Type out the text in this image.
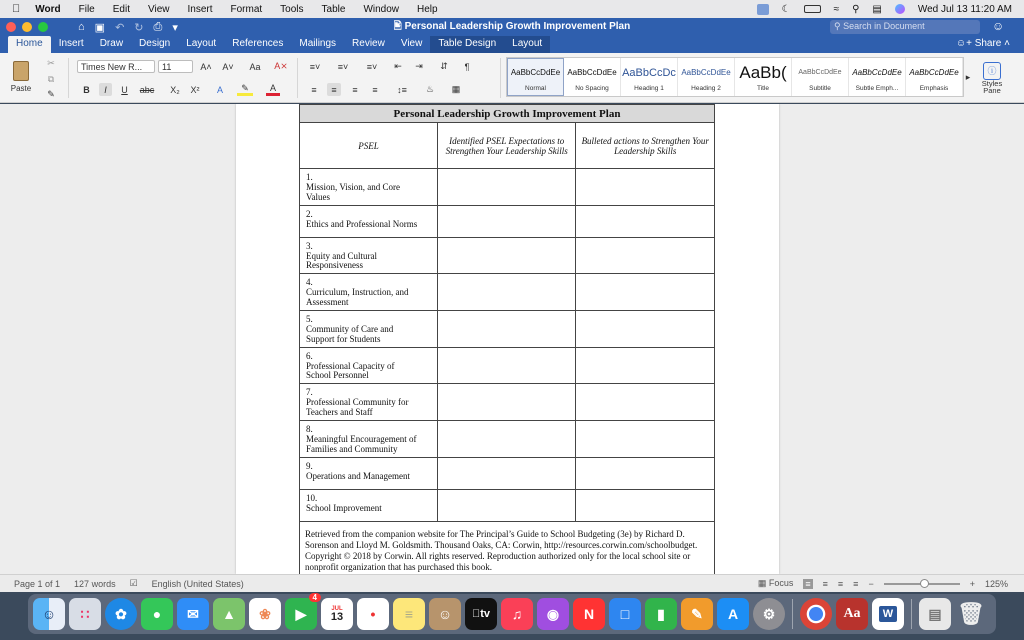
Word	File	Edit	View	Insert	Format	Tools	Table	Window	Help	☾	≈ ⚲ ▤	Wed Jul 13 11:20 AM
⌂ ▣ ↶ ↻ ⎙ ▾	🖹 Personal Leadership Growth Improvement Plan	⚲ Search in Document	☺
Home	Insert	Draw	Design	Layout	References	Mailings	Review	View	Table Design	Layout	☺+ Share ˄
Paste
✂
⧉
✎
Times New R... 11	A˄ A˅	Aa	A⨯
B	I	U	abc	X₂ X²	A	✎	A
≡˅	≡˅	≡˅	⇤	⇥	⇵	¶
≡	≡	≡	≡	↕≡	♨	▦
AaBbCcDdEe
Normal
AaBbCcDdEe
No Spacing
AaBbCcDc
Heading 1
AaBbCcDdEe
Heading 2
AaBb(
Title
AaBbCcDdEe
Subtitle
AaBbCcDdEe
Subtle Emph...
AaBbCcDdEe
Emphasis
▸
ⓘ
Styles Pane
Personal Leadership Growth Improvement Plan		
PSEL	Identified PSEL Expectations to Strengthen Your Leadership Skills	Bulleted actions to Strengthen Your Leadership Skills
1.Mission, Vision, and Core Values		
2.Ethics and Professional Norms		
3.Equity and Cultural Responsiveness		
4.Curriculum, Instruction, and Assessment		
5.Community of Care and Support for Students		
6.Professional Capacity of School Personnel		
7.Professional Community for Teachers and Staff		
8.Meaningful Encouragement of Families and Community		
9.Operations and Management		
10.School Improvement		
Retrieved from the companion website for The Principal’s Guide to School Budgeting (3e) by Richard D. Sorenson and Lloyd M. Goldsmith. Thousand Oaks, CA: Corwin, http://resources.corwin.com/schoolbudget. Copyright © 2018 by Corwin. All rights reserved. Reproduction authorized only for the local school site or nonprofit organization that has purchased this book.		
Page 1 of 1	127 words	☑	English (United States)	▦ Focus ≡ ≡ ≡ ≡ −	+ 125%
☺	∷	✿	●	✉	▲	❀	▶
4
JUL
13	•	≡	☺	tv	♫	◉	N	□	▮	✎	A	⚙	Aa	W	▤ 🗑
